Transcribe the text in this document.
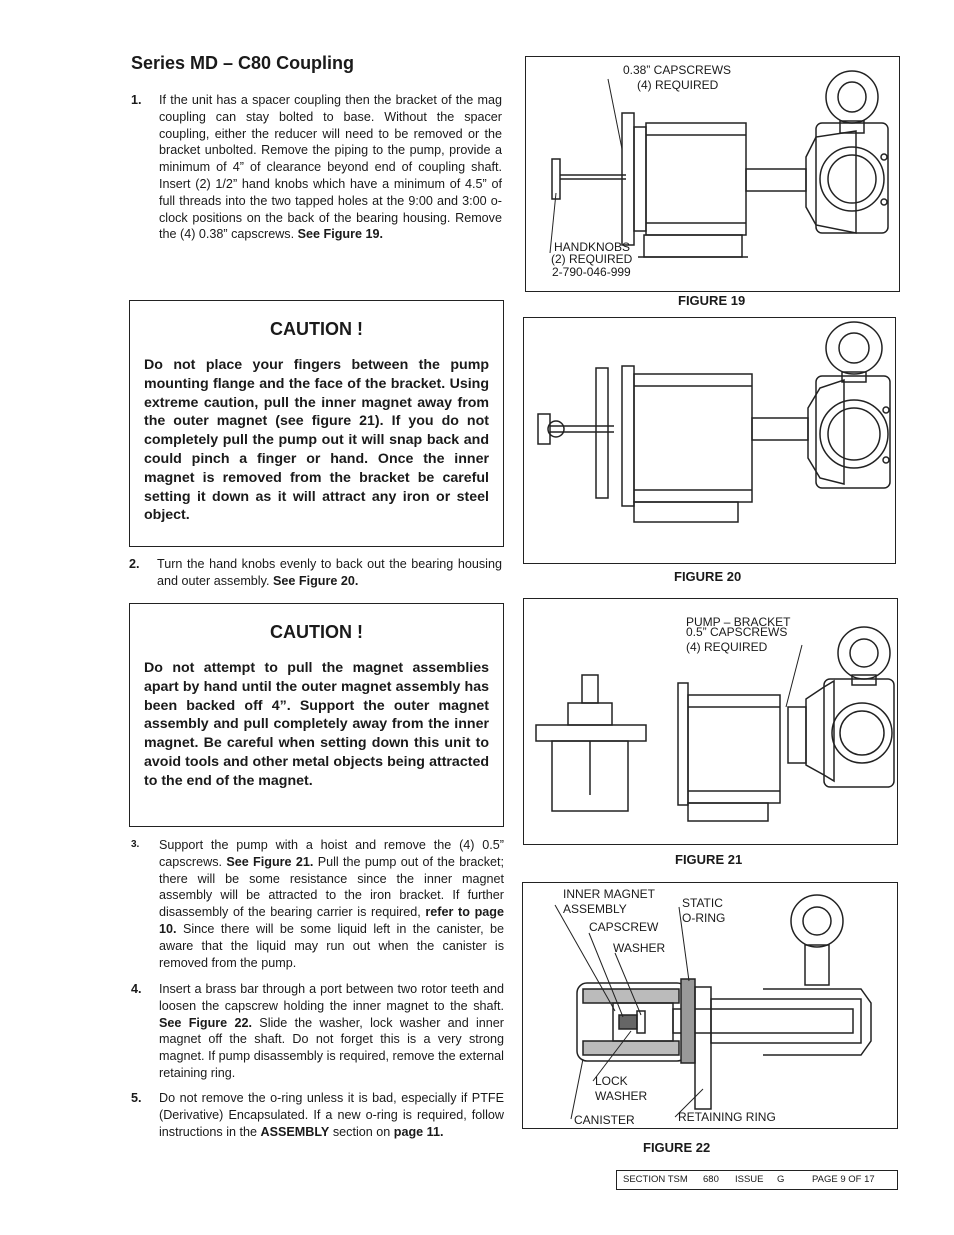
Series MD – C80 Coupling
1. If the unit has a spacer coupling then the bracket of the mag coupling can stay bolted to base. Without the spacer coupling, either the reducer will need to be removed or the bracket unbolted. Remove the piping to the pump, provide a minimum of 4” of clearance beyond end of coupling shaft. Insert (2) 1/2” hand knobs which have a minimum of 4.5” of full threads into the two tapped holes at the 9:00 and 3:00 o-clock positions on the back of the bearing housing. Remove the (4) 0.38” capscrews. See Figure 19.
CAUTION !
Do not place your fingers between the pump mounting flange and the face of the bracket. Using extreme caution, pull the inner magnet away from the outer magnet (see figure 21). If you do not completely pull the pump out it will snap back and could pinch a finger or hand. Once the inner magnet is removed from the bracket be careful setting it down as it will attract any iron or steel object.
2. Turn the hand knobs evenly to back out the bearing housing and outer assembly. See Figure 20.
CAUTION !
Do not attempt to pull the magnet assemblies apart by hand until the outer magnet assembly has been backed off 4”. Support the outer magnet assembly and pull completely away from the inner magnet. Be careful when setting down this unit to avoid tools and other metal objects being attracted to the end of the magnet.
3. Support the pump with a hoist and remove the (4) 0.5” capscrews. See Figure 21. Pull the pump out of the bracket; there will be some resistance since the inner magnet assembly will be attracted to the iron bracket. If further disassembly of the bearing carrier is required, refer to page 10. Since there will be some liquid left in the canister, be aware that the liquid may run out when the canister is removed from the pump.
4. Insert a brass bar through a port between two rotor teeth and loosen the capscrew holding the inner magnet to the shaft. See Figure 22. Slide the washer, lock washer and inner magnet off the shaft. Do not forget this is a very strong magnet. If pump disassembly is required, remove the external retaining ring.
5. Do not remove the o-ring unless it is bad, especially if PTFE (Derivative) Encapsulated. If a new o-ring is required, follow instructions in the ASSEMBLY section on page 11.
0.38” CAPSCREWS
(4) REQUIRED
HANDKNOBS
(2) REQUIRED
2-790-046-999
FIGURE 19
FIGURE 20
PUMP – BRACKET
0.5” CAPSCREWS
(4) REQUIRED
FIGURE 21
INNER MAGNET
ASSEMBLY
CAPSCREW
WASHER
STATIC
O-RING
LOCK
WASHER
CANISTER	RETAINING RING
FIGURE 22
SECTION TSM 680 ISSUE G	PAGE 9 OF 17
